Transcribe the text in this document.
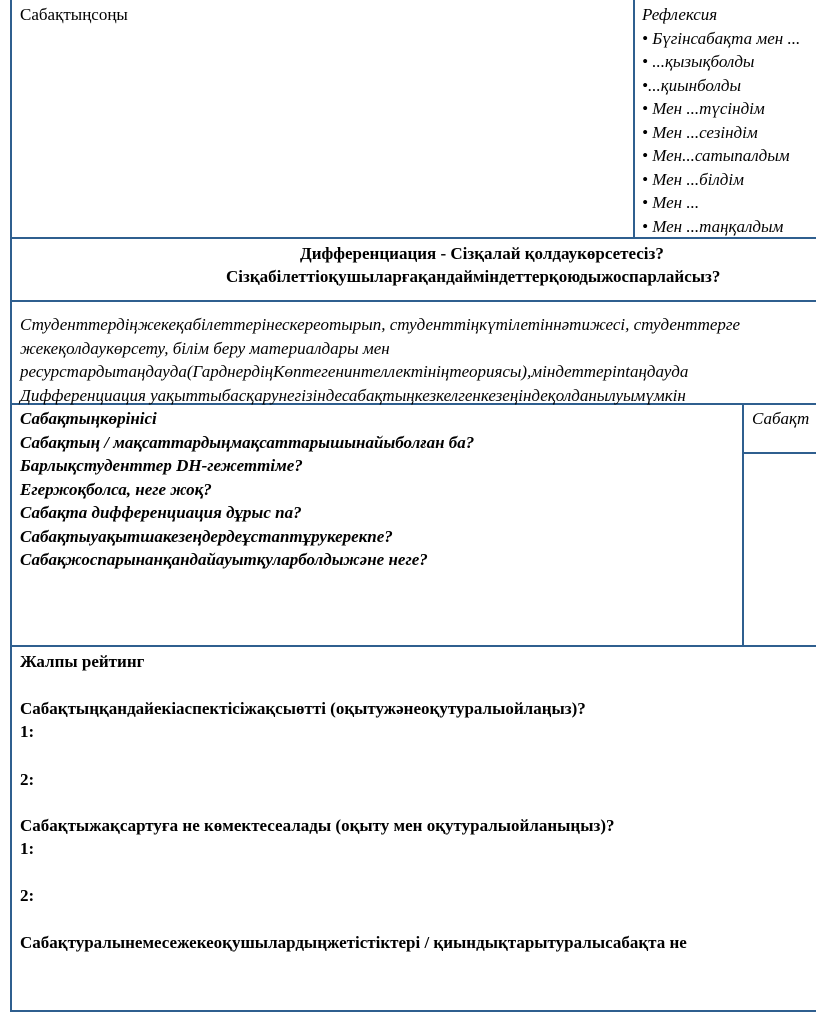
Сабақтыңсоңы	Рефлексия

• Бүгінсабақта мен ...

• ...қызықболды

•...қиынболды

• Мен ...түсіндім

• Мен ...сезіндім

• Мен...сатыпалдым

• Мен ...білдім

• Мен ...

• Мен ...таңқалдым

Дифференциация - Сізқалай қолдаукөрсетесіз?

Сізқабілеттіоқушыларғақандайміндеттерқоюдыжоспарлайсыз?

Студенттердіңжекеқабілеттерінескереотырып, студенттіңкүтілетіннәтижесі, студенттерге

жекеқолдаукөрсету, білім беру материалдары мен

ресурстардытаңдауда(ГарднердіңКөптегенинтеллектініңтеориясы),міндеттеріntаңдауда

Дифференциация уақыттыбасқарунегізіндесабақтыңкезкелгенкезеңіндеқолданылуымүмкін

Сабақтыңкөрінісі

Сабақтың / мақсаттардыңмақсаттарышынайыболған ба?

Барлықстуденттер DH-гежеттіме?

Егержоқболса, неге жоқ?

Сабақта дифференциация дұрыс па?

Сабақтыуақытшакезеңдердеұстаптұрукерекпе?

Сабақжоспарынанқандайауытқуларболдыжәне неге?

Сабақт
Жалпы рейтинг
Сабақтыңқандайекіаспектісіжақсыөтті (оқытужәнеоқутуралыойлаңыз)?
1:
2:
Сабақтыжақсартуға не көмектесеалады (оқыту мен оқутуралыойланыңыз)?
1:
2:
Сабақтуралынемесежекеоқушылардыңжетістіктері / қиындықтарытуралысабақта не
